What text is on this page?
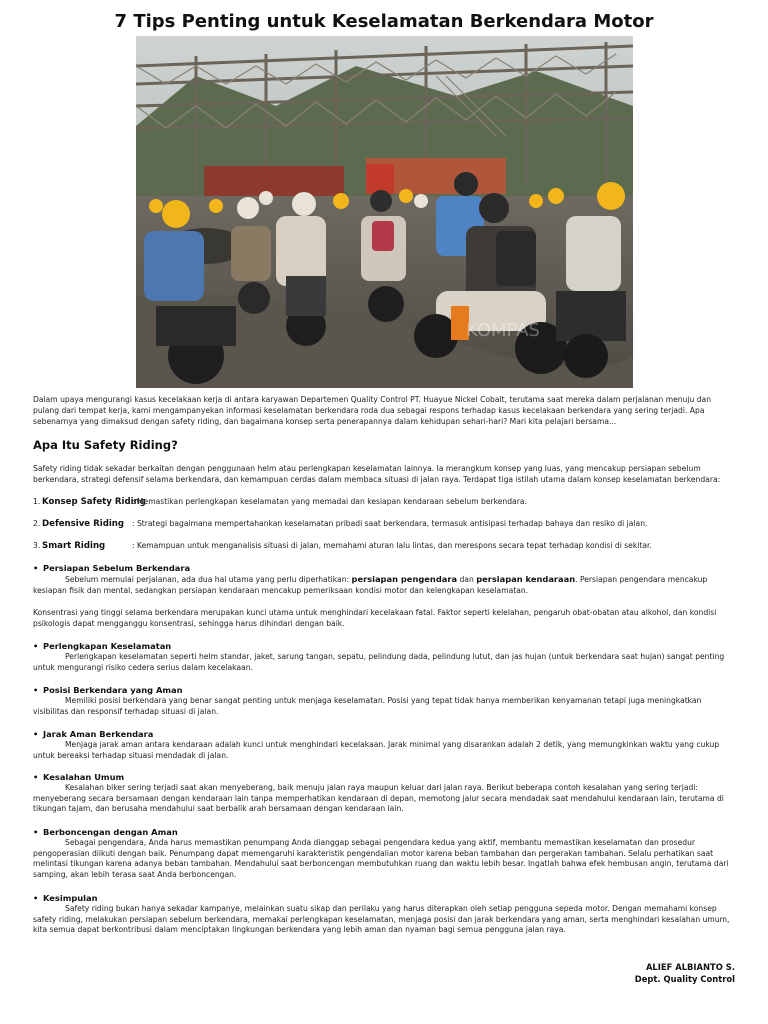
7 Tips Penting untuk Keselamatan Berkendara Motor
KOMPAS
Dalam upaya mengurangi kasus kecelakaan kerja di antara karyawan Departemen Quality Control PT. Huayue Nickel Cobalt, terutama saat mereka dalam perjalanan menuju dan pulang dari tempat kerja, kami mengampanyekan informasi keselamatan berkendara roda dua sebagai respons terhadap kasus kecelakaan berkendara yang sering terjadi. Apa sebenarnya yang dimaksud dengan safety riding, dan bagaimana konsep serta penerapannya dalam kehidupan sehari-hari? Mari kita pelajari bersama...
Apa Itu Safety Riding?
Safety riding tidak sekadar berkaitan dengan penggunaan helm atau perlengkapan keselamatan lainnya. Ia merangkum konsep yang luas, yang mencakup persiapan sebelum berkendara, strategi defensif selama berkendara, dan kemampuan cerdas dalam membaca situasi di jalan raya. Terdapat tiga istilah utama dalam konsep keselamatan berkendara:
1. Konsep Safety Riding: Memastikan perlengkapan keselamatan yang memadai dan kesiapan kendaraan sebelum berkendara.
2. Defensive Riding : Strategi bagaimana mempertahankan keselamatan pribadi saat berkendara, termasuk antisipasi terhadap bahaya dan resiko di jalan.
3. Smart Riding	: Kemampuan untuk menganalisis situasi di jalan, memahami aturan lalu lintas, dan merespons secara tepat terhadap kondisi di sekitar.
• Persiapan Sebelum Berkendara
Sebelum memulai perjalanan, ada dua hal utama yang perlu diperhatikan: persiapan pengendara dan persiapan kendaraan. Persiapan pengendara mencakup kesiapan fisik dan mental, sedangkan persiapan kendaraan mencakup pemeriksaan kondisi motor dan kelengkapan keselamatan.
Konsentrasi yang tinggi selama berkendara merupakan kunci utama untuk menghindari kecelakaan fatal. Faktor seperti kelelahan, pengaruh obat-obatan atau alkohol, dan kondisi psikologis dapat mengganggu konsentrasi, sehingga harus dihindari dengan baik.
• Perlengkapan Keselamatan
Perlengkapan keselamatan seperti helm standar, jaket, sarung tangan, sepatu, pelindung dada, pelindung lutut, dan jas hujan (untuk berkendara saat hujan) sangat penting untuk mengurangi risiko cedera serius dalam kecelakaan.
• Posisi Berkendara yang Aman
Memiliki posisi berkendara yang benar sangat penting untuk menjaga keselamatan. Posisi yang tepat tidak hanya memberikan kenyamanan tetapi juga meningkatkan visibilitas dan responsif terhadap situasi di jalan.
• Jarak Aman Berkendara
Menjaga jarak aman antara kendaraan adalah kunci untuk menghindari kecelakaan. Jarak minimal yang disarankan adalah 2 detik, yang memungkinkan waktu yang cukup untuk bereaksi terhadap situasi mendadak di jalan.
• Kesalahan Umum
Kesalahan biker sering terjadi saat akan menyeberang, baik menuju jalan raya maupun keluar dari jalan raya. Berikut beberapa contoh kesalahan yang sering terjadi: menyeberang secara bersamaan dengan kendaraan lain tanpa memperhatikan kendaraan di depan, memotong jalur secara mendadak saat mendahului kendaraan lain, terutama di tikungan tajam, dan berusaha mendahului saat berbalik arah bersamaan dengan kendaraan lain.
• Berboncengan dengan Aman
Sebagai pengendara, Anda harus memastikan penumpang Anda dianggap sebagai pengendara kedua yang aktif, membantu memastikan keselamatan dan prosedur pengoperasian diikuti dengan baik. Penumpang dapat memengaruhi karakteristik pengendalian motor karena beban tambahan dan pergerakan tambahan. Selalu perhatikan saat melintasi tikungan karena adanya beban tambahan. Mendahului saat berboncengan membutuhkan ruang dan waktu lebih besar. Ingatlah bahwa efek hembusan angin, terutama dari samping, akan lebih terasa saat Anda berboncengan.
• Kesimpulan
Safety riding bukan hanya sekadar kampanye, melainkan suatu sikap dan perilaku yang harus diterapkan oleh setiap pengguna sepeda motor. Dengan memahami konsep safety riding, melakukan persiapan sebelum berkendara, memakai perlengkapan keselamatan, menjaga posisi dan jarak berkendara yang aman, serta menghindari kesalahan umum, kita semua dapat berkontribusi dalam menciptakan lingkungan berkendara yang lebih aman dan nyaman bagi semua pengguna jalan raya.
ALIEF ALBIANTO S.
Dept. Quality Control
